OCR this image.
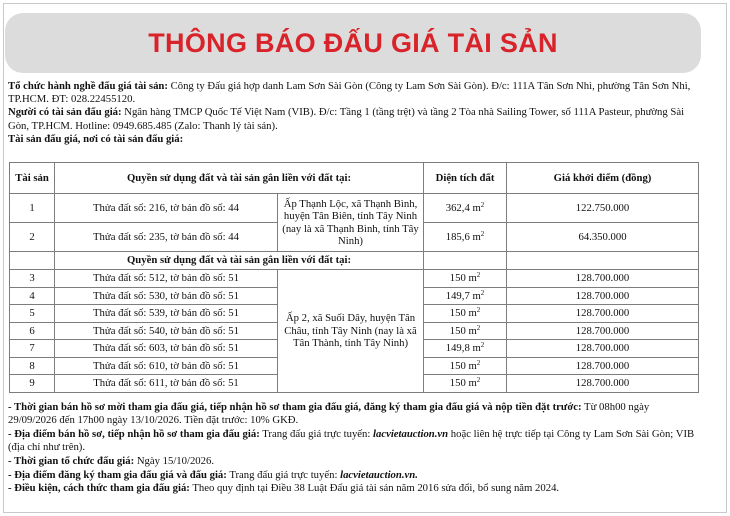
THÔNG BÁO ĐẤU GIÁ TÀI SẢN

Tổ chức hành nghề đấu giá tài sản: Công ty Đấu giá hợp danh Lam Sơn Sài Gòn (Công ty Lam Sơn Sài Gòn). Đ/c: 111A Tân Sơn Nhì, phường Tân Sơn Nhì, TP.HCM. ĐT: 028.22455120.

Người có tài sản đấu giá: Ngân hàng TMCP Quốc Tế Việt Nam (VIB). Đ/c: Tầng 1 (tầng trệt) và tầng 2 Tòa nhà Sailing Tower, số 111A Pasteur, phường Sài Gòn, TP.HCM. Hotline: 0949.685.485 (Zalo: Thanh lý tài sản).

Tài sản đấu giá, nơi có tài sản đấu giá:

Tài sản	Quyền sử dụng đất và tài sản gắn liền với đất tại:		Diện tích đất	Giá khởi điểm (đồng)
1	Thửa đất số: 216, tờ bản đồ số: 44	Ấp Thạnh Lộc, xã Thạnh Bình, huyện Tân Biên, tỉnh Tây Ninh (nay là xã Thạnh Bình, tỉnh Tây Ninh)	362,4 $m^2$	122.750.000
2	Thửa đất số: 235, tờ bản đồ số: 44		185,6 $m^2$	64.350.000
	Quyền sử dụng đất và tài sản gắn liền với đất tại:			
3	Thửa đất số: 512, tờ bản đồ số: 51	Ấp 2, xã Suối Dây, huyện Tân Châu, tỉnh Tây Ninh (nay là xã Tân Thành, tỉnh Tây Ninh)	150 $m^2$	128.700.000
4	Thửa đất số: 530, tờ bản đồ số: 51		149,7 $m^2$	128.700.000
5	Thửa đất số: 539, tờ bản đồ số: 51		150 $m^2$	128.700.000
6	Thửa đất số: 540, tờ bản đồ số: 51		150 $m^2$	128.700.000
7	Thửa đất số: 603, tờ bản đồ số: 51		149,8 $m^2$	128.700.000
8	Thửa đất số: 610, tờ bản đồ số: 51		150 $m^2$	128.700.000
9	Thửa đất số: 611, tờ bản đồ số: 51		150 $m^2$	128.700.000

- Thời gian bán hồ sơ mời tham gia đấu giá, tiếp nhận hồ sơ tham gia đấu giá, đăng ký tham gia đấu giá và nộp tiền đặt trước: Từ 08h00 ngày 29/09/2026 đến 17h00 ngày 13/10/2026. Tiền đặt trước: 10% GKĐ.

- Địa điểm bán hồ sơ, tiếp nhận hồ sơ tham gia đấu giá: Trang đấu giá trực tuyến: lacvietauction.vn hoặc liên hệ trực tiếp tại Công ty Lam Sơn Sài Gòn; VIB (địa chỉ như trên).

- Thời gian tổ chức đấu giá: Ngày 15/10/2026.

- Địa điểm đăng ký tham gia đấu giá và đấu giá: Trang đấu giá trực tuyến: lacvietauction.vn.

- Điều kiện, cách thức tham gia đấu giá: Theo quy định tại Điều 38 Luật Đấu giá tài sản năm 2016 sửa đổi, bổ sung năm 2024.
